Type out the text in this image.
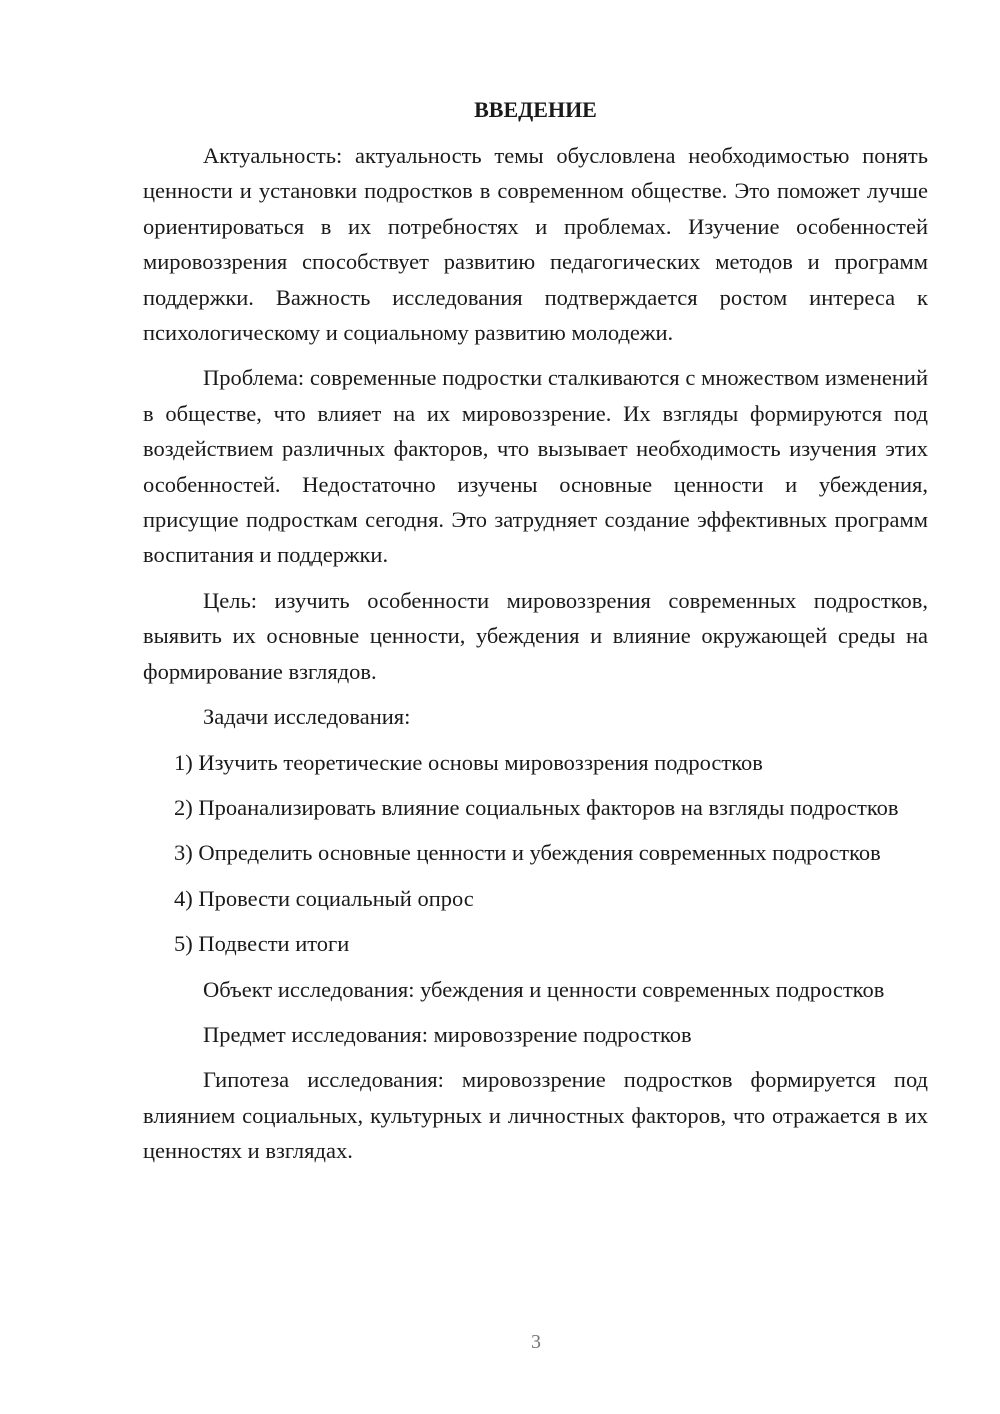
ВВЕДЕНИЕ

Актуальность: актуальность темы обусловлена необходимостью понять ценности и установки подростков в современном обществе. Это поможет лучше ориентироваться в их потребностях и проблемах. Изучение особенностей мировоззрения способствует развитию педагогических методов и программ поддержки. Важность исследования подтверждается ростом интереса к психологическому и социальному развитию молодежи.

Проблема: современные подростки сталкиваются с множеством изменений в обществе, что влияет на их мировоззрение. Их взгляды формируются под воздействием различных факторов, что вызывает необходимость изучения этих особенностей. Недостаточно изучены основные ценности и убеждения, присущие подросткам сегодня. Это затрудняет создание эффективных программ воспитания и поддержки.

Цель: изучить особенности мировоззрения современных подростков, выявить их основные ценности, убеждения и влияние окружающей среды на формирование взглядов.

Задачи исследования:

1) Изучить теоретические основы мировоззрения подростков

2) Проанализировать влияние социальных факторов на взгляды подростков

3) Определить основные ценности и убеждения современных подростков

4) Провести социальный опрос

5) Подвести итоги

Объект исследования: убеждения и ценности современных подростков

Предмет исследования: мировоззрение подростков

Гипотеза исследования: мировоззрение подростков формируется под влиянием социальных, культурных и личностных факторов, что отражается в их ценностях и взглядах.

3
